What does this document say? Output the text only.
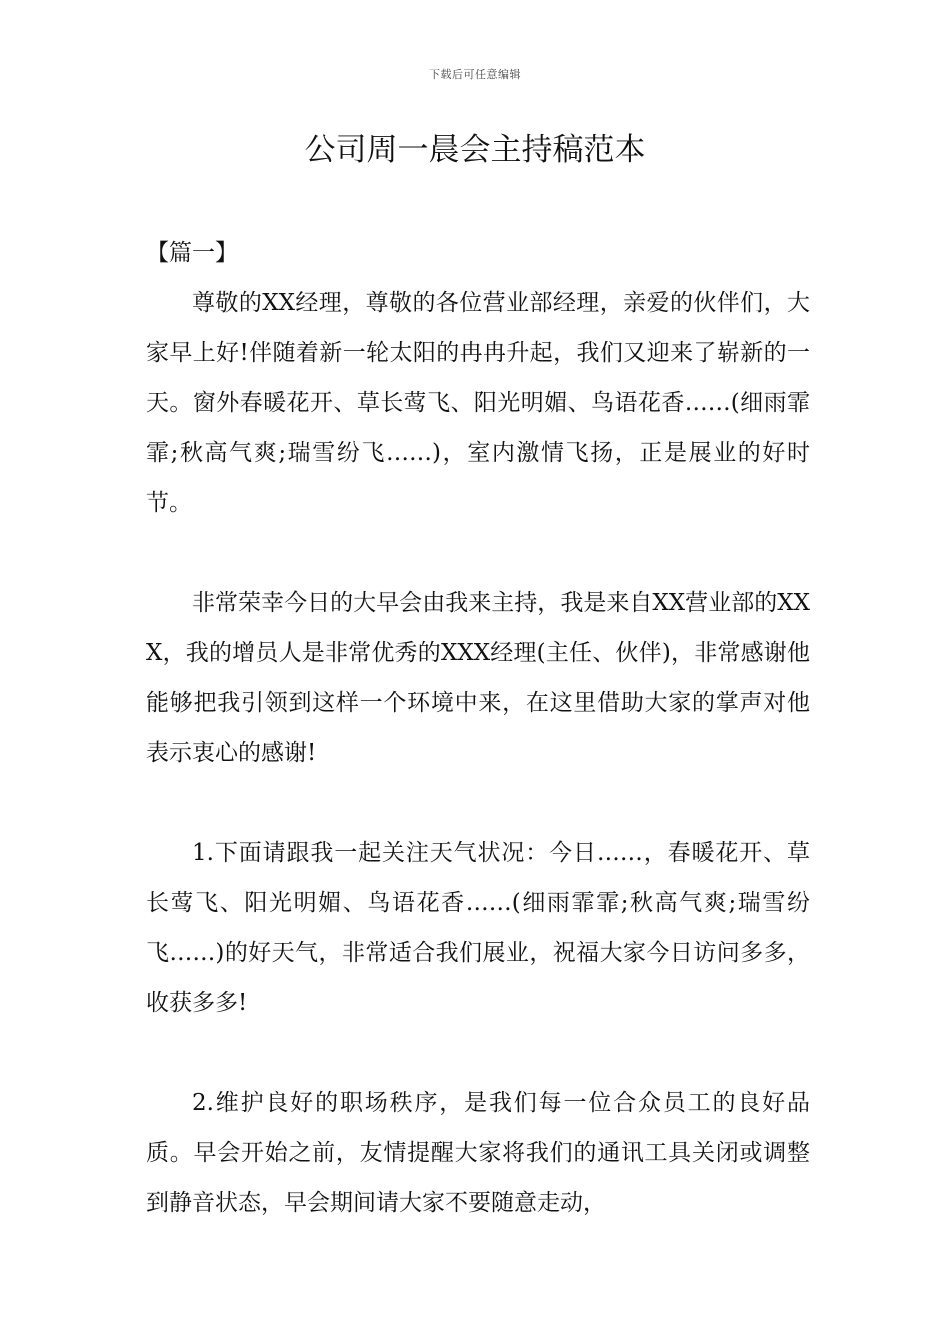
下载后可任意编辑
公司周一晨会主持稿范本

【篇一】

尊敬的XX经理，尊敬的各位营业部经理，亲爱的伙伴们，大家早上好!伴随着新一轮太阳的冉冉升起，我们又迎来了崭新的一天。窗外春暖花开、草长莺飞、阳光明媚、鸟语花香……(细雨霏霏;秋高气爽;瑞雪纷飞……)，室内激情飞扬，正是展业的好时节。

非常荣幸今日的大早会由我来主持，我是来自XX营业部的XXX，我的增员人是非常优秀的XXX经理(主任、伙伴)，非常感谢他能够把我引领到这样一个环境中来，在这里借助大家的掌声对他表示衷心的感谢!

1.下面请跟我一起关注天气状况：今日……，春暖花开、草长莺飞、阳光明媚、鸟语花香……(细雨霏霏;秋高气爽;瑞雪纷飞……)的好天气，非常适合我们展业，祝福大家今日访问多多，收获多多!

2.维护良好的职场秩序，是我们每一位合众员工的良好品质。早会开始之前，友情提醒大家将我们的通讯工具关闭或调整到静音状态，早会期间请大家不要随意走动，
